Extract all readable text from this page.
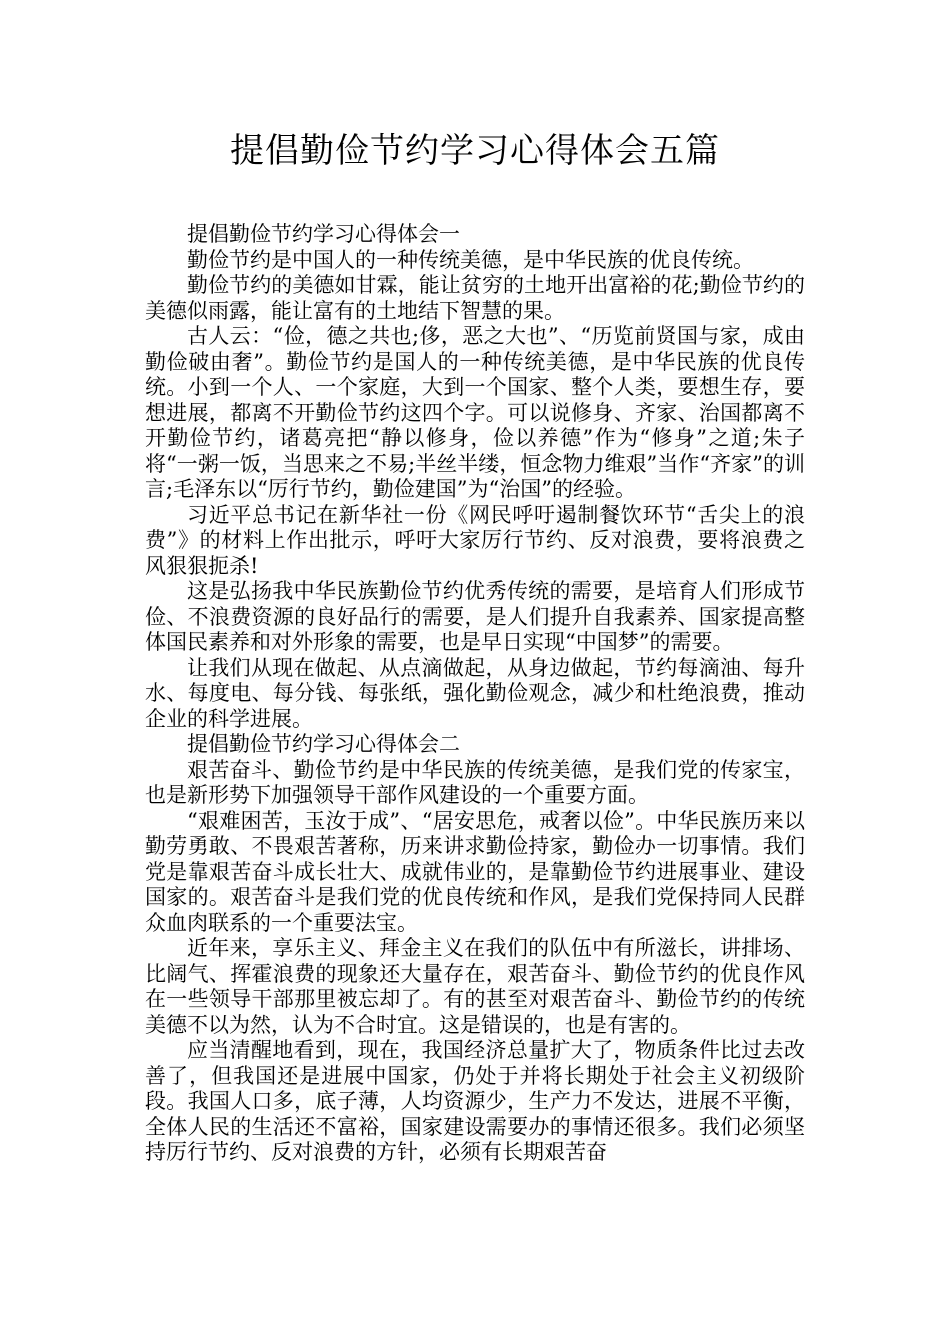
提倡勤俭节约学习心得体会五篇

提倡勤俭节约学习心得体会一

勤俭节约是中国人的一种传统美德，是中华民族的优良传统。

勤俭节约的美德如甘霖，能让贫穷的土地开出富裕的花;勤俭节约的美德似雨露，能让富有的土地结下智慧的果。

古人云：“俭，德之共也;侈，恶之大也”、“历览前贤国与家，成由勤俭破由奢”。勤俭节约是国人的一种传统美德，是中华民族的优良传统。小到一个人、一个家庭，大到一个国家、整个人类，要想生存，要想进展，都离不开勤俭节约这四个字。可以说修身、齐家、治国都离不开勤俭节约，诸葛亮把“静以修身，俭以养德”作为“修身”之道;朱子将“一粥一饭，当思来之不易;半丝半缕，恒念物力维艰”当作“齐家”的训言;毛泽东以“厉行节约，勤俭建国”为“治国”的经验。

习近平总书记在新华社一份《网民呼吁遏制餐饮环节“舌尖上的浪费”》的材料上作出批示，呼吁大家厉行节约、反对浪费，要将浪费之风狠狠扼杀!

这是弘扬我中华民族勤俭节约优秀传统的需要，是培育人们形成节俭、不浪费资源的良好品行的需要，是人们提升自我素养、国家提高整体国民素养和对外形象的需要，也是早日实现“中国梦”的需要。

让我们从现在做起、从点滴做起，从身边做起，节约每滴油、每升水、每度电、每分钱、每张纸，强化勤俭观念，减少和杜绝浪费，推动企业的科学进展。

提倡勤俭节约学习心得体会二

艰苦奋斗、勤俭节约是中华民族的传统美德，是我们党的传家宝，也是新形势下加强领导干部作风建设的一个重要方面。

“艰难困苦，玉汝于成”、“居安思危，戒奢以俭”。中华民族历来以勤劳勇敢、不畏艰苦著称，历来讲求勤俭持家，勤俭办一切事情。我们党是靠艰苦奋斗成长壮大、成就伟业的，是靠勤俭节约进展事业、建设国家的。艰苦奋斗是我们党的优良传统和作风，是我们党保持同人民群众血肉联系的一个重要法宝。

近年来，享乐主义、拜金主义在我们的队伍中有所滋长，讲排场、比阔气、挥霍浪费的现象还大量存在，艰苦奋斗、勤俭节约的优良作风在一些领导干部那里被忘却了。有的甚至对艰苦奋斗、勤俭节约的传统美德不以为然，认为不合时宜。这是错误的，也是有害的。

应当清醒地看到，现在，我国经济总量扩大了，物质条件比过去改善了，但我国还是进展中国家，仍处于并将长期处于社会主义初级阶段。我国人口多，底子薄，人均资源少，生产力不发达，进展不平衡，全体人民的生活还不富裕，国家建设需要办的事情还很多。我们必须坚持厉行节约、反对浪费的方针，必须有长期艰苦奋
